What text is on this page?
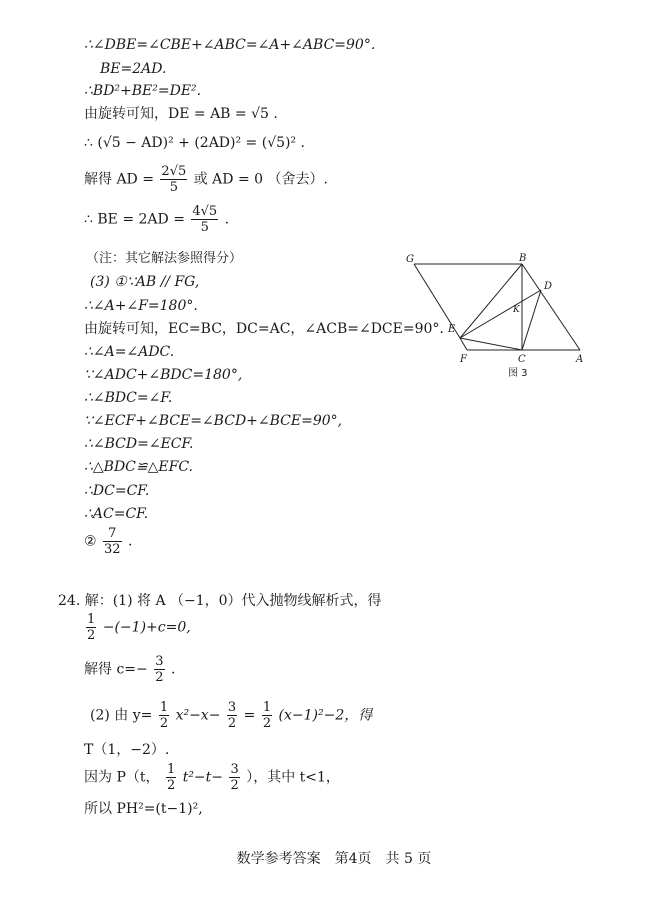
∴∠DBE=∠CBE+∠ABC=∠A+∠ABC=90°.
BE=2AD.
∴BD²+BE²=DE².
由旋转可知，DE = AB = √5 .
∴ (√5 − AD)² + (2AD)² = (√5)² .
解得 AD = $\frac{2√5}{5}$ 或 AD = 0 （舍去）.
∴ BE = $2AD = \frac{4√5}{5}$ .
（注：其它解法参照得分）
(3) ①∵AB // FG,
∴∠A+∠F=180°.
由旋转可知，EC=BC，DC=AC，∠ACB=∠DCE=90°.
∴∠A=∠ADC.
∵∠ADC+∠BDC=180°,
∴∠BDC=∠F.
∵∠ECF+∠BCE=∠BCD+∠BCE=90°,
∴∠BCD=∠ECF.
∴△BDC≌△EFC.
∴DC=CF.
∴AC=CF.
② $\frac{7}{32}$ .
24. 解：(1) 将 A （−1，0）代入抛物线解析式，得
$\frac{1}{2} -(-1)+c=0$,
解得 $c=- \frac{3}{2}$ .
(2) 由 $y= \frac{1}{2} x^2-x- \frac{3}{2} = \frac{1}{2} (x-1)^2-2$，得
T（1，−2）.
因为 P（t， $\frac{1}{2} t^2-t- \frac{3}{2}$ ），其中 t<1，
所以 PH²=(t−1)²,
G	B
D
K
E
F	C	A
图 3
数学参考答案　第4页　共 5 页
